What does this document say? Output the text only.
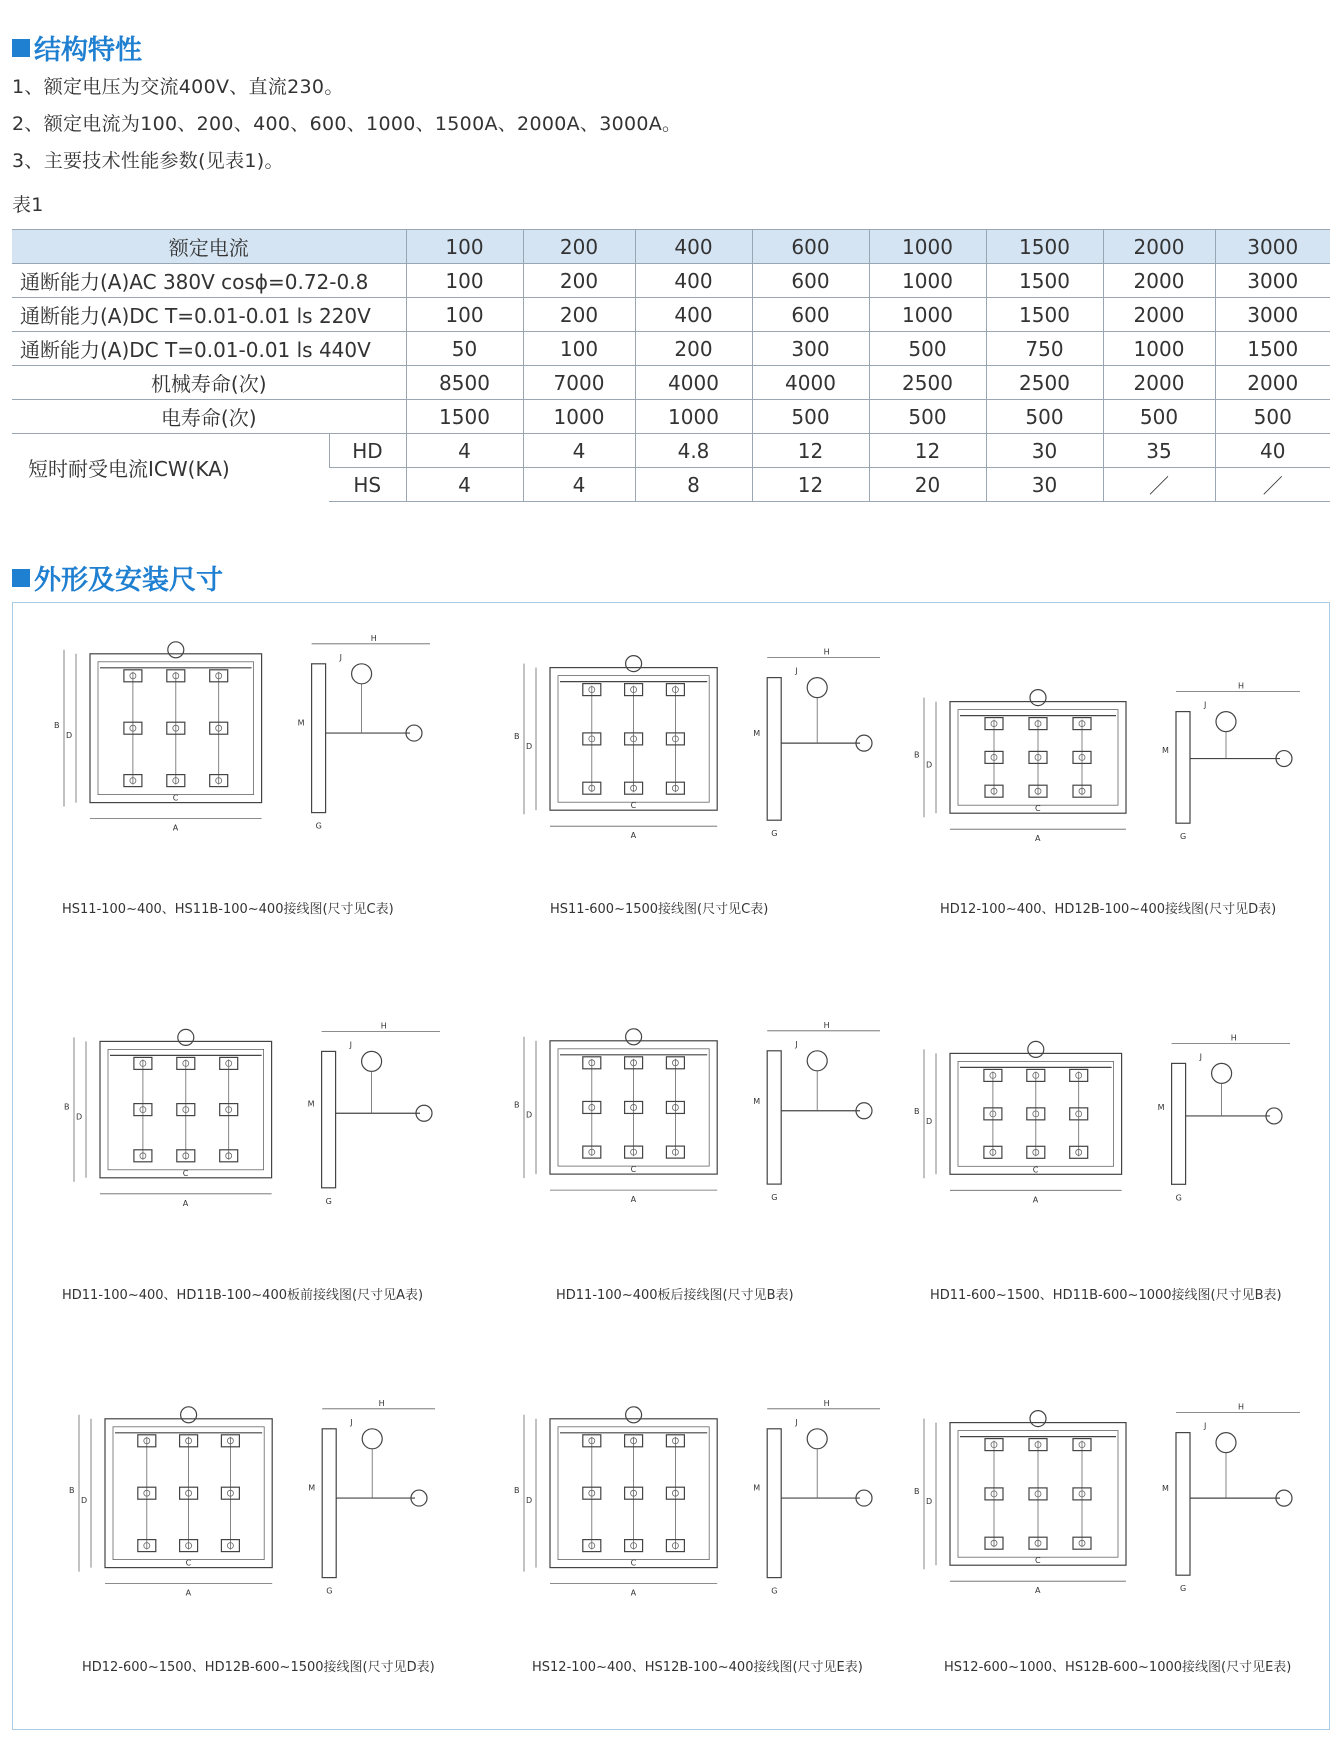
结构特性
1、额定电压为交流400V、直流230。
2、额定电流为100、200、400、600、1000、1500A、2000A、3000A。
3、主要技术性能参数(见表1)。
表1
额定电流		100	200	400	600	1000	1500	2000	3000
通断能力(A)AC 380V cosϕ=0.72-0.8		100	200	400	600	1000	1500	2000	3000
通断能力(A)DC T=0.01-0.01 ls 220V		100	200	400	600	1000	1500	2000	3000
通断能力(A)DC T=0.01-0.01 ls 440V		50	100	200	300	500	750	1000	1500
机械寿命(次)		8500	7000	4000	4000	2500	2500	2000	2000
电寿命(次)		1500	1000	1000	500	500	500	500	500
短时耐受电流ICW(KA)	HD	4	4	4.8	12	12	30	35	40
	HS	4	4	8	12	20	30	／	／
外形及安装尺寸
A
B
D
C
H
J
M
G
A
B
D
C
H
J
M
G
A
B
D
C
H
J
M
G
A
B
D
C
H
J
M
G	A
B
D
C
H
J
M
G	A
B
D
C
H
J
M
G
A
B
D
C
H
J
M
G	A
B
D
C
H
J
M
G	A
B
D
C
H
J
M
G
HS11-100~400、HS11B-100~400接线图(尺寸见C表)	HS11-600~1500接线图(尺寸见C表)	HD12-100~400、HD12B-100~400接线图(尺寸见D表)
HD11-100~400、HD11B-100~400板前接线图(尺寸见A表)	HD11-100~400板后接线图(尺寸见B表)	HD11-600~1500、HD11B-600~1000接线图(尺寸见B表)
HD12-600~1500、HD12B-600~1500接线图(尺寸见D表)	HS12-100~400、HS12B-100~400接线图(尺寸见E表)	HS12-600~1000、HS12B-600~1000接线图(尺寸见E表)
